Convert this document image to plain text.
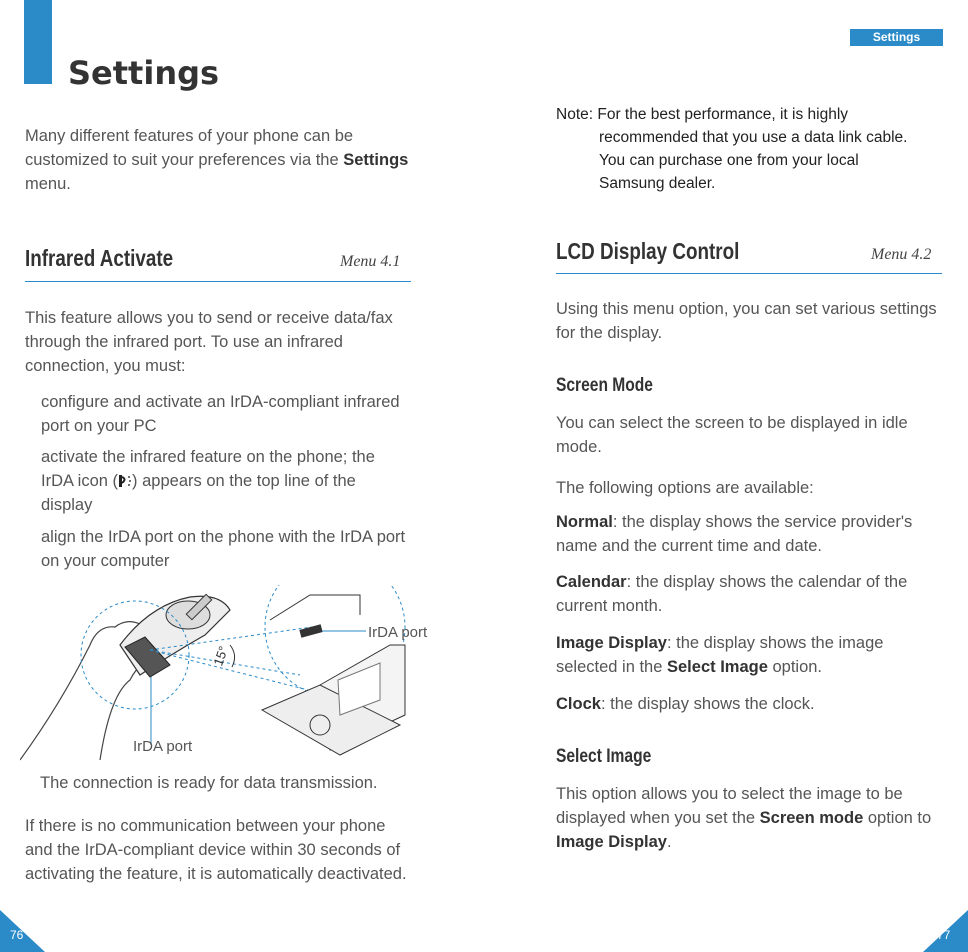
Settings
Many different features of your phone can be
customized to suit your preferences via the Settings
menu.
Infrared Activate	Menu 4.1
This feature allows you to send or receive data/fax
through the infrared port. To use an infrared
connection, you must:
configure and activate an IrDA-compliant infrared
port on your PC
activate the infrared feature on the phone; the
IrDA icon ( ) appears on the top line of the
display
align the IrDA port on the phone with the IrDA port
on your computer
15°
IrDA port
IrDA port
The connection is ready for data transmission.
If there is no communication between your phone
and the IrDA-compliant device within 30 seconds of
activating the feature, it is automatically deactivated.
76
Settings
Note: For the best performance, it is highly
recommended that you use a data link cable.
You can purchase one from your local
Samsung dealer.
LCD Display Control	Menu 4.2
Using this menu option, you can set various settings
for the display.
Screen Mode
You can select the screen to be displayed in idle
mode.
The following options are available:
Normal: the display shows the service provider's
name and the current time and date.
Calendar: the display shows the calendar of the
current month.
Image Display: the display shows the image
selected in the Select Image option.
Clock: the display shows the clock.
Select Image
This option allows you to select the image to be
displayed when you set the Screen mode option to
Image Display.
77
